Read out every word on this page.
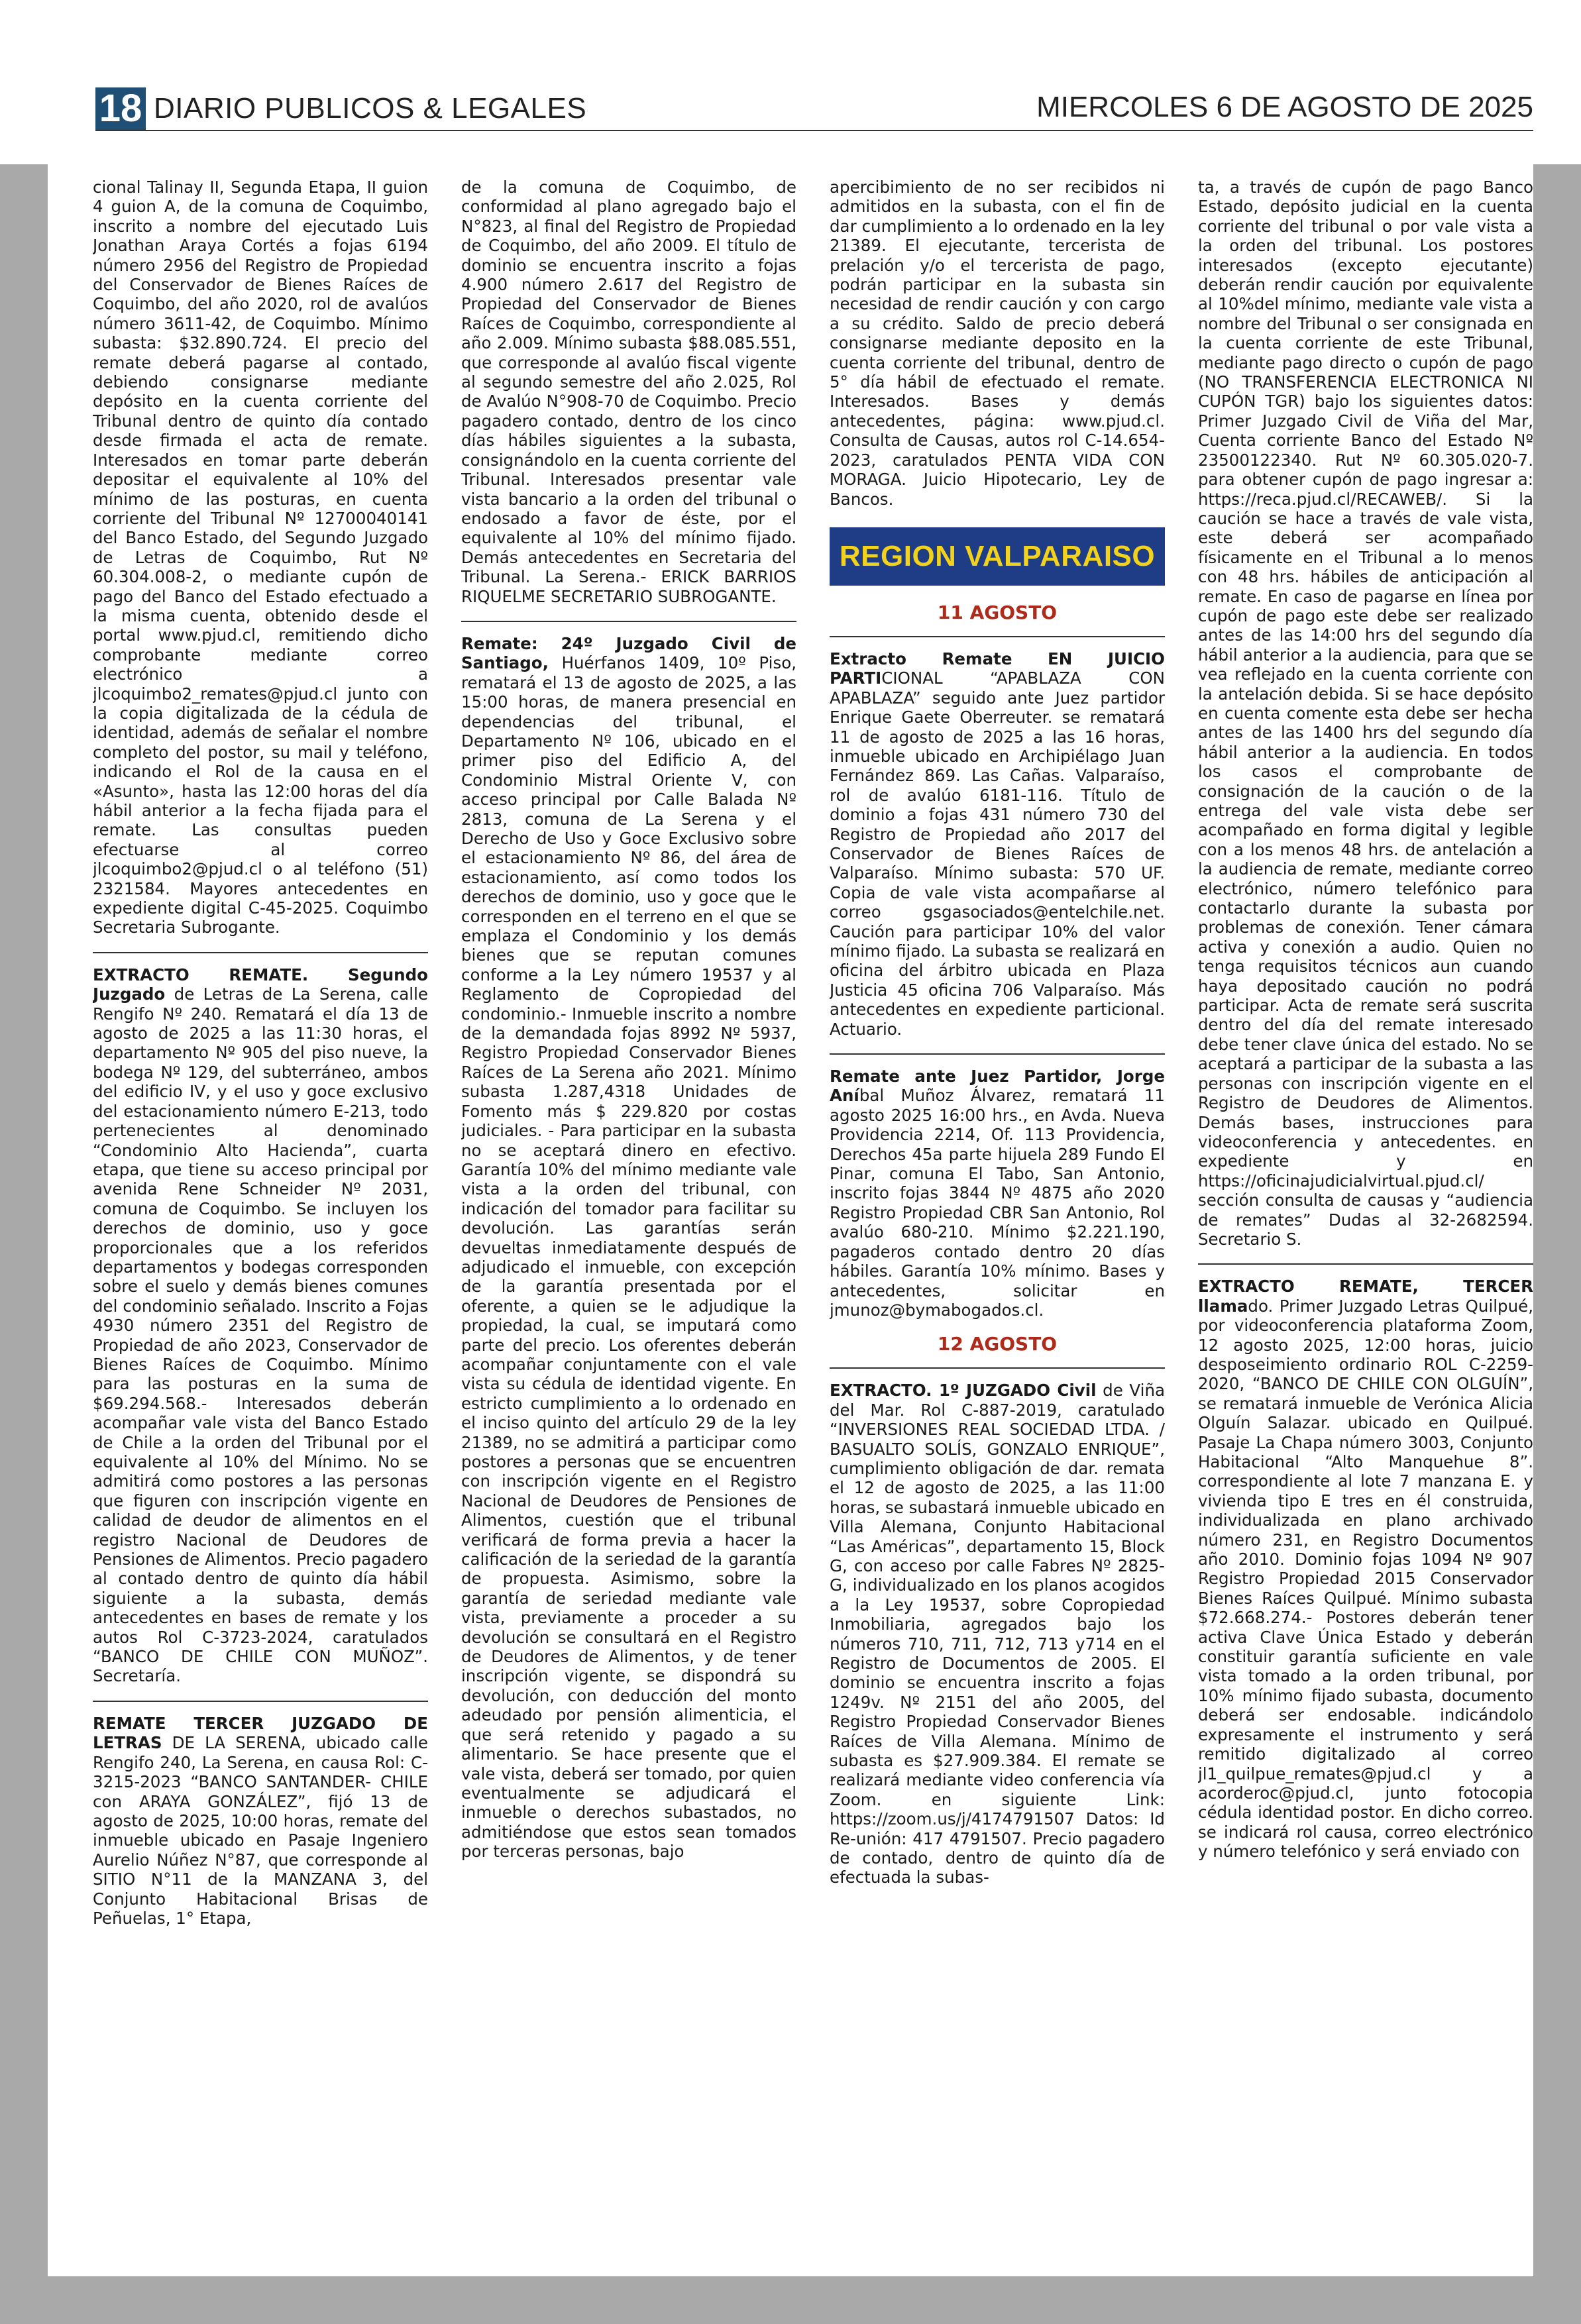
18 DIARIO PUBLICOS & LEGALES	MIERCOLES 6 DE AGOSTO DE 2025

cional Talinay II, Segunda Etapa, II guion 4 guion A, de la comuna de Coquimbo, inscrito a nombre del ejecutado Luis Jonathan Araya Cortés a fojas 6194 número 2956 del Registro de Propiedad del Conservador de Bienes Raíces de Coquimbo, del año 2020, rol de avalúos número 3611-42, de Coquimbo. Mínimo subasta: $32.890.724. El precio del remate deberá pagarse al contado, debiendo consignarse mediante depósito en la cuenta corriente del Tribunal dentro de quinto día contado desde firmada el acta de remate. Interesados en tomar parte deberán depositar el equivalente al 10% del mínimo de las posturas, en cuenta corriente del Tribunal Nº 12700040141 del Banco Estado, del Segundo Juzgado de Letras de Coquimbo, Rut Nº 60.304.008-2, o mediante cupón de pago del Banco del Estado efectuado a la misma cuenta, obtenido desde el portal www.pjud.cl, remitiendo dicho comprobante mediante correo electrónico a jlcoquimbo2_remates@pjud.cl junto con la copia digitalizada de la cédula de identidad, además de señalar el nombre completo del postor, su mail y teléfono, indicando el Rol de la causa en el «Asunto», hasta las 12:00 horas del día hábil anterior a la fecha fijada para el remate. Las consultas pueden efectuarse al correo jlcoquimbo2@pjud.cl o al teléfono (51) 2321584. Mayores antecedentes en expediente digital C-45-2025. Coquimbo Secretaria Subrogante.

EXTRACTO REMATE. Segundo Juzgado de Letras de La Serena, calle Rengifo Nº 240. Rematará el día 13 de agosto de 2025 a las 11:30 horas, el departamento Nº 905 del piso nueve, la bodega Nº 129, del subterráneo, ambos del edificio IV, y el uso y goce exclusivo del estacionamiento número E-213, todo pertenecientes al denominado “Condominio Alto Hacienda”, cuarta etapa, que tiene su acceso principal por avenida Rene Schneider Nº 2031, comuna de Coquimbo. Se incluyen los derechos de dominio, uso y goce proporcionales que a los referidos departamentos y bodegas corresponden sobre el suelo y demás bienes comunes del condominio señalado. Inscrito a Fojas 4930 número 2351 del Registro de Propiedad de año 2023, Conservador de Bienes Raíces de Coquimbo. Mínimo para las posturas en la suma de $69.294.568.- Interesados deberán acompañar vale vista del Banco Estado de Chile a la orden del Tribunal por el equivalente al 10% del Mínimo. No se admitirá como postores a las personas que figuren con inscripción vigente en calidad de deudor de alimentos en el registro Nacional de Deudores de Pensiones de Alimentos. Precio pagadero al contado dentro de quinto día hábil siguiente a la subasta, demás antecedentes en bases de remate y los autos Rol C-3723-2024, caratulados “BANCO DE CHILE CON MUÑOZ”. Secretaría.

REMATE TERCER JUZGADO DE LETRAS DE LA SERENA, ubicado calle Rengifo 240, La Serena, en causa Rol: C-3215-2023 “BANCO SANTANDER- CHILE con ARAYA GONZÁLEZ”, fijó 13 de agosto de 2025, 10:00 horas, remate del inmueble ubicado en Pasaje Ingeniero Aurelio Núñez N°87, que corresponde al SITIO N°11 de la MANZANA 3, del Conjunto Habitacional Brisas de Peñuelas, 1° Etapa,

de la comuna de Coquimbo, de conformidad al plano agregado bajo el N°823, al final del Registro de Propiedad de Coquimbo, del año 2009. El título de dominio se encuentra inscrito a fojas 4.900 número 2.617 del Registro de Propiedad del Conservador de Bienes Raíces de Coquimbo, correspondiente al año 2.009. Mínimo subasta $88.085.551, que corresponde al avalúo fiscal vigente al segundo semestre del año 2.025, Rol de Avalúo N°908-70 de Coquimbo. Precio pagadero contado, dentro de los cinco días hábiles siguientes a la subasta, consignándolo en la cuenta corriente del Tribunal. Interesados presentar vale vista bancario a la orden del tribunal o endosado a favor de éste, por el equivalente al 10% del mínimo fijado. Demás antecedentes en Secretaria del Tribunal. La Serena.- ERICK BARRIOS RIQUELME SECRETARIO SUBROGANTE.

Remate: 24º Juzgado Civil de Santiago, Huérfanos 1409, 10º Piso, rematará el 13 de agosto de 2025, a las 15:00 horas, de manera presencial en dependencias del tribunal, el Departamento Nº 106, ubicado en el primer piso del Edificio A, del Condominio Mistral Oriente V, con acceso principal por Calle Balada Nº 2813, comuna de La Serena y el Derecho de Uso y Goce Exclusivo sobre el estacionamiento Nº 86, del área de estacionamiento, así como todos los derechos de dominio, uso y goce que le corresponden en el terreno en el que se emplaza el Condominio y los demás bienes que se reputan comunes conforme a la Ley número 19537 y al Reglamento de Copropiedad del condominio.- Inmueble inscrito a nombre de la demandada fojas 8992 Nº 5937, Registro Propiedad Conservador Bienes Raíces de La Serena año 2021. Mínimo subasta 1.287,4318 Unidades de Fomento más $ 229.820 por costas judiciales. - Para participar en la subasta no se aceptará dinero en efectivo. Garantía 10% del mínimo mediante vale vista a la orden del tribunal, con indicación del tomador para facilitar su devolución. Las garantías serán devueltas inmediatamente después de adjudicado el inmueble, con excepción de la garantía presentada por el oferente, a quien se le adjudique la propiedad, la cual, se imputará como parte del precio. Los oferentes deberán acompañar conjuntamente con el vale vista su cédula de identidad vigente. En estricto cumplimiento a lo ordenado en el inciso quinto del artículo 29 de la ley 21389, no se admitirá a participar como postores a personas que se encuentren con inscripción vigente en el Registro Nacional de Deudores de Pensiones de Alimentos, cuestión que el tribunal verificará de forma previa a hacer la calificación de la seriedad de la garantía de propuesta. Asimismo, sobre la garantía de seriedad mediante vale vista, previamente a proceder a su devolución se consultará en el Registro de Deudores de Alimentos, y de tener inscripción vigente, se dispondrá su devolución, con deducción del monto adeudado por pensión alimenticia, el que será retenido y pagado a su alimentario. Se hace presente que el vale vista, deberá ser tomado, por quien eventualmente se adjudicará el inmueble o derechos subastados, no admitiéndose que estos sean tomados por terceras personas, bajo

apercibimiento de no ser recibidos ni admitidos en la subasta, con el fin de dar cumplimiento a lo ordenado en la ley 21389. El ejecutante, tercerista de prelación y/o el tercerista de pago, podrán participar en la subasta sin necesidad de rendir caución y con cargo a su crédito. Saldo de precio deberá consignarse mediante deposito en la cuenta corriente del tribunal, dentro de 5° día hábil de efectuado el remate. Interesados. Bases y demás antecedentes, página: www.pjud.cl. Consulta de Causas, autos rol C-14.654-2023, caratulados PENTA VIDA CON MORAGA. Juicio Hipotecario, Ley de Bancos.

REGION VALPARAISO
11 AGOSTO

Extracto Remate EN JUICIO PARTICIONAL “APABLAZA CON APABLAZA” seguido ante Juez partidor Enrique Gaete Oberreuter. se rematará 11 de agosto de 2025 a las 16 horas, inmueble ubicado en Archipiélago Juan Fernández 869. Las Cañas. Valparaíso, rol de avalúo 6181-116. Título de dominio a fojas 431 número 730 del Registro de Propiedad año 2017 del Conservador de Bienes Raíces de Valparaíso. Mínimo subasta: 570 UF. Copia de vale vista acompañarse al correo gsgasociados@entelchile.net. Caución para participar 10% del valor mínimo fijado. La subasta se realizará en oficina del árbitro ubicada en Plaza Justicia 45 oficina 706 Valparaíso. Más antecedentes en expediente particional. Actuario.

Remate ante Juez Partidor, Jorge Aníbal Muñoz Álvarez, rematará 11 agosto 2025 16:00 hrs., en Avda. Nueva Providencia 2214, Of. 113 Providencia, Derechos 45a parte hijuela 289 Fundo El Pinar, comuna El Tabo, San Antonio, inscrito fojas 3844 Nº 4875 año 2020 Registro Propiedad CBR San Antonio, Rol avalúo 680-210. Mínimo $2.221.190, pagaderos contado dentro 20 días hábiles. Garantía 10% mínimo. Bases y antecedentes, solicitar en jmunoz@bymabogados.cl.

12 AGOSTO

EXTRACTO. 1º JUZGADO Civil de Viña del Mar. Rol C-887-2019, caratulado “INVERSIONES REAL SOCIEDAD LTDA. / BASUALTO SOLÍS, GONZALO ENRIQUE”, cumplimiento obligación de dar. remata el 12 de agosto de 2025, a las 11:00 horas, se subastará inmueble ubicado en Villa Alemana, Conjunto Habitacional “Las Américas”, departamento 15, Block G, con acceso por calle Fabres Nº 2825-G, individualizado en los planos acogidos a la Ley 19537, sobre Copropiedad Inmobiliaria, agregados bajo los números 710, 711, 712, 713 y714 en el Registro de Documentos de 2005. El dominio se encuentra inscrito a fojas 1249v. Nº 2151 del año 2005, del Registro Propiedad Conservador Bienes Raíces de Villa Alemana. Mínimo de subasta es $27.909.384. El remate se realizará mediante video conferencia vía Zoom. en siguiente Link: https://zoom.us/j/4174791507 Datos: Id Re-unión: 417 4791507. Precio pagadero de contado, dentro de quinto día de efectuada la subas-

ta, a través de cupón de pago Banco Estado, depósito judicial en la cuenta corriente del tribunal o por vale vista a la orden del tribunal. Los postores interesados (excepto ejecutante) deberán rendir caución por equivalente al 10%del mínimo, mediante vale vista a nombre del Tribunal o ser consignada en la cuenta corriente de este Tribunal, mediante pago directo o cupón de pago (NO TRANSFERENCIA ELECTRONICA NI CUPÓN TGR) bajo los siguientes datos: Primer Juzgado Civil de Viña del Mar, Cuenta corriente Banco del Estado Nº 23500122340. Rut Nº 60.305.020-7. para obtener cupón de pago ingresar a: https://reca.pjud.cl/RECAWEB/. Si la caución se hace a través de vale vista, este deberá ser acompañado físicamente en el Tribunal a lo menos con 48 hrs. hábiles de anticipación al remate. En caso de pagarse en línea por cupón de pago este debe ser realizado antes de las 14:00 hrs del segundo día hábil anterior a la audiencia, para que se vea reflejado en la cuenta corriente con la antelación debida. Si se hace depósito en cuenta comente esta debe ser hecha antes de las 1400 hrs del segundo día hábil anterior a la audiencia. En todos los casos el comprobante de consignación de la caución o de la entrega del vale vista debe ser acompañado en forma digital y legible con a los menos 48 hrs. de antelación a la audiencia de remate, mediante correo electrónico, número telefónico para contactarlo durante la subasta por problemas de conexión. Tener cámara activa y conexión a audio. Quien no tenga requisitos técnicos aun cuando haya depositado caución no podrá participar. Acta de remate será suscrita dentro del día del remate interesado debe tener clave única del estado. No se aceptará a participar de la subasta a las personas con inscripción vigente en el Registro de Deudores de Alimentos. Demás bases, instrucciones para videoconferencia y antecedentes. en expediente y en https://oficinajudicialvirtual.pjud.cl/ sección consulta de causas y “audiencia de remates” Dudas al 32-2682594. Secretario S.

EXTRACTO REMATE, TERCER llamado. Primer Juzgado Letras Quilpué, por videoconferencia plataforma Zoom, 12 agosto 2025, 12:00 horas, juicio desposeimiento ordinario ROL C-2259-2020, “BANCO DE CHILE CON OLGUÍN”, se rematará inmueble de Verónica Alicia Olguín Salazar. ubicado en Quilpué. Pasaje La Chapa número 3003, Conjunto Habitacional “Alto Manquehue 8”. correspondiente al lote 7 manzana E. y vivienda tipo E tres en él construida, individualizada en plano archivado número 231, en Registro Documentos año 2010. Dominio fojas 1094 Nº 907 Registro Propiedad 2015 Conservador Bienes Raíces Quilpué. Mínimo subasta $72.668.274.- Postores deberán tener activa Clave Única Estado y deberán constituir garantía suficiente en vale vista tomado a la orden tribunal, por 10% mínimo fijado subasta, documento deberá ser endosable. indicándolo expresamente el instrumento y será remitido digitalizado al correo jl1_quilpue_remates@pjud.cl y a acorderoc@pjud.cl, junto fotocopia cédula identidad postor. En dicho correo. se indicará rol causa, correo electrónico y número telefónico y será enviado con
